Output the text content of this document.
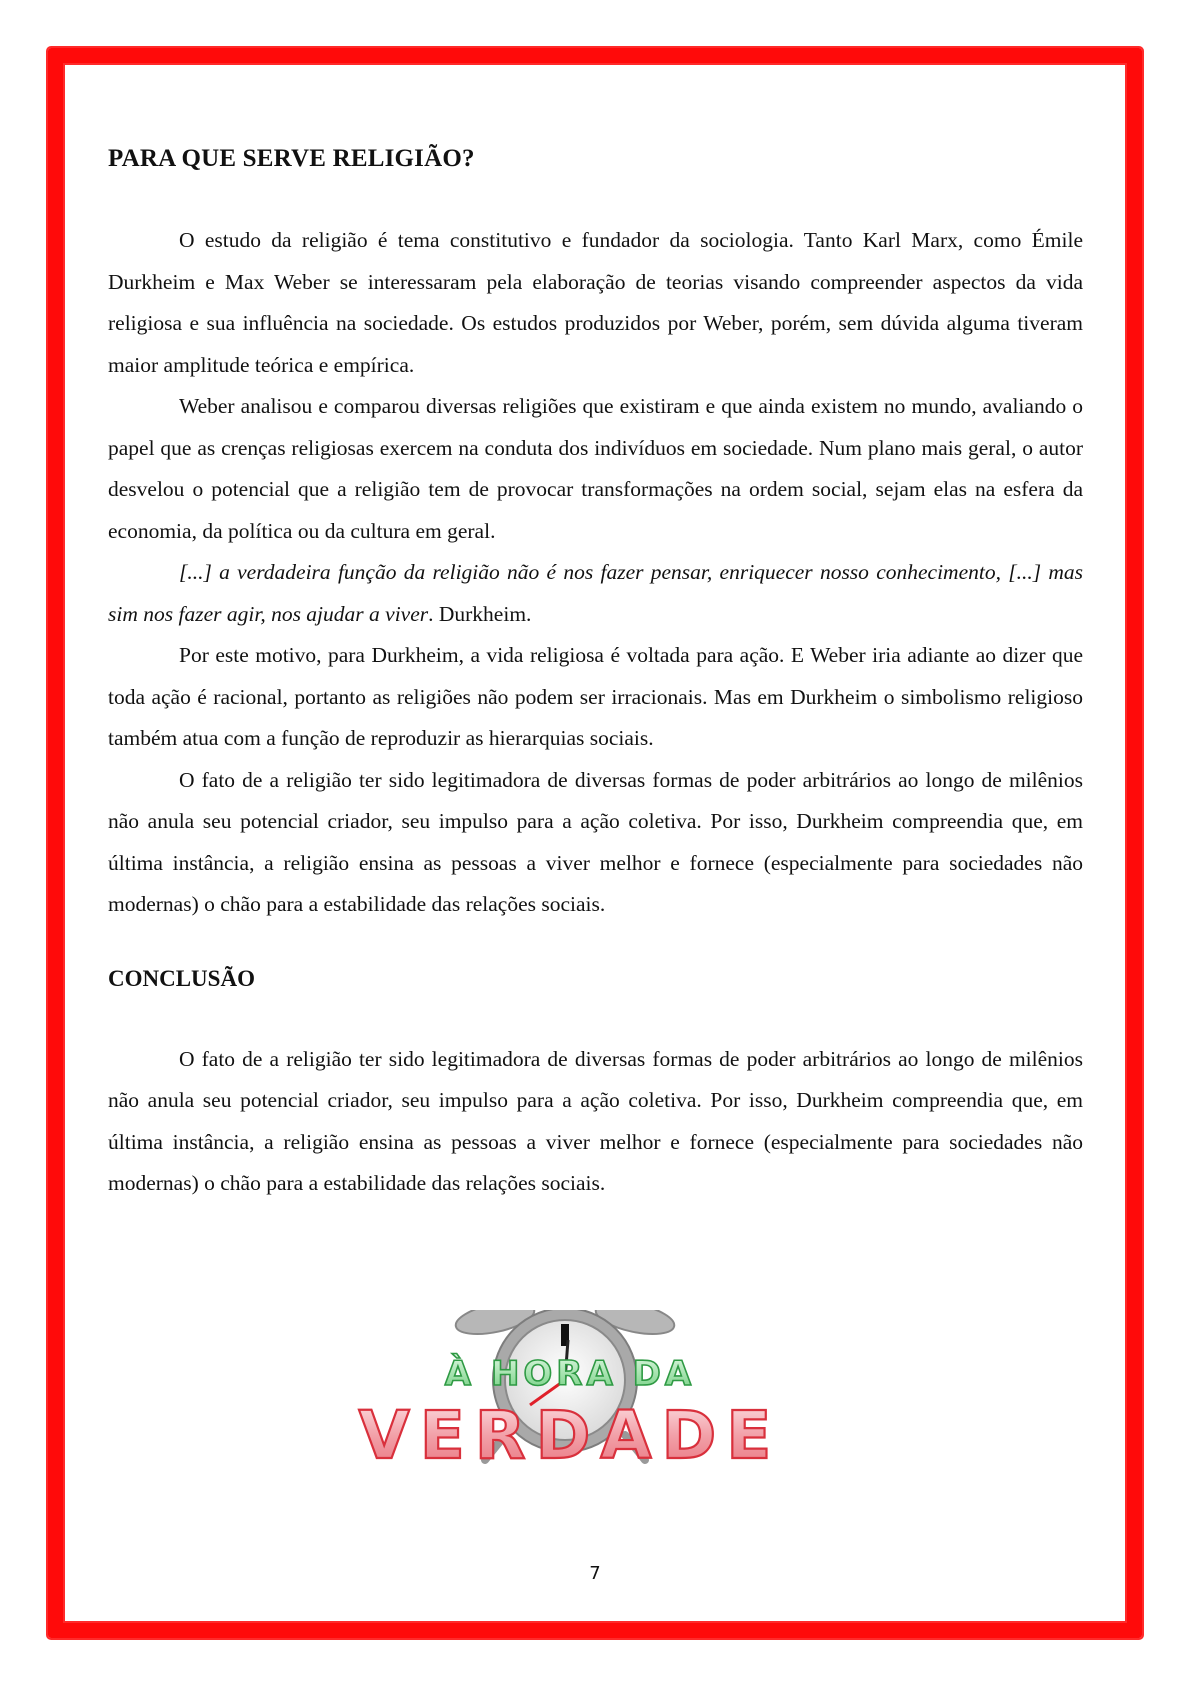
PARA QUE SERVE RELIGIÃO?

O estudo da religião é tema constitutivo e fundador da sociologia. Tanto Karl Marx, como Émile Durkheim e Max Weber se interessaram pela elaboração de teorias visando compreender aspectos da vida religiosa e sua influência na sociedade. Os estudos produzidos por Weber, porém, sem dúvida alguma tiveram maior amplitude teórica e empírica.

Weber analisou e comparou diversas religiões que existiram e que ainda existem no mundo, avaliando o papel que as crenças religiosas exercem na conduta dos indivíduos em sociedade. Num plano mais geral, o autor desvelou o potencial que a religião tem de provocar transformações na ordem social, sejam elas na esfera da economia, da política ou da cultura em geral.

[...] a verdadeira função da religião não é nos fazer pensar, enriquecer nosso conhecimento, [...] mas sim nos fazer agir, nos ajudar a viver. Durkheim.

Por este motivo, para Durkheim, a vida religiosa é voltada para ação. E Weber iria adiante ao dizer que toda ação é racional, portanto as religiões não podem ser irracionais. Mas em Durkheim o simbolismo religioso também atua com a função de reproduzir as hierarquias sociais.

O fato de a religião ter sido legitimadora de diversas formas de poder arbitrários ao longo de milênios não anula seu potencial criador, seu impulso para a ação coletiva. Por isso, Durkheim compreendia que, em última instância, a religião ensina as pessoas a viver melhor e fornece (especialmente para sociedades não modernas) o chão para a estabilidade das relações sociais.

CONCLUSÃO

O fato de a religião ter sido legitimadora de diversas formas de poder arbitrários ao longo de milênios não anula seu potencial criador, seu impulso para a ação coletiva. Por isso, Durkheim compreendia que, em última instância, a religião ensina as pessoas a viver melhor e fornece (especialmente para sociedades não modernas) o chão para a estabilidade das relações sociais.

À HORA DA
VERDADE
7
